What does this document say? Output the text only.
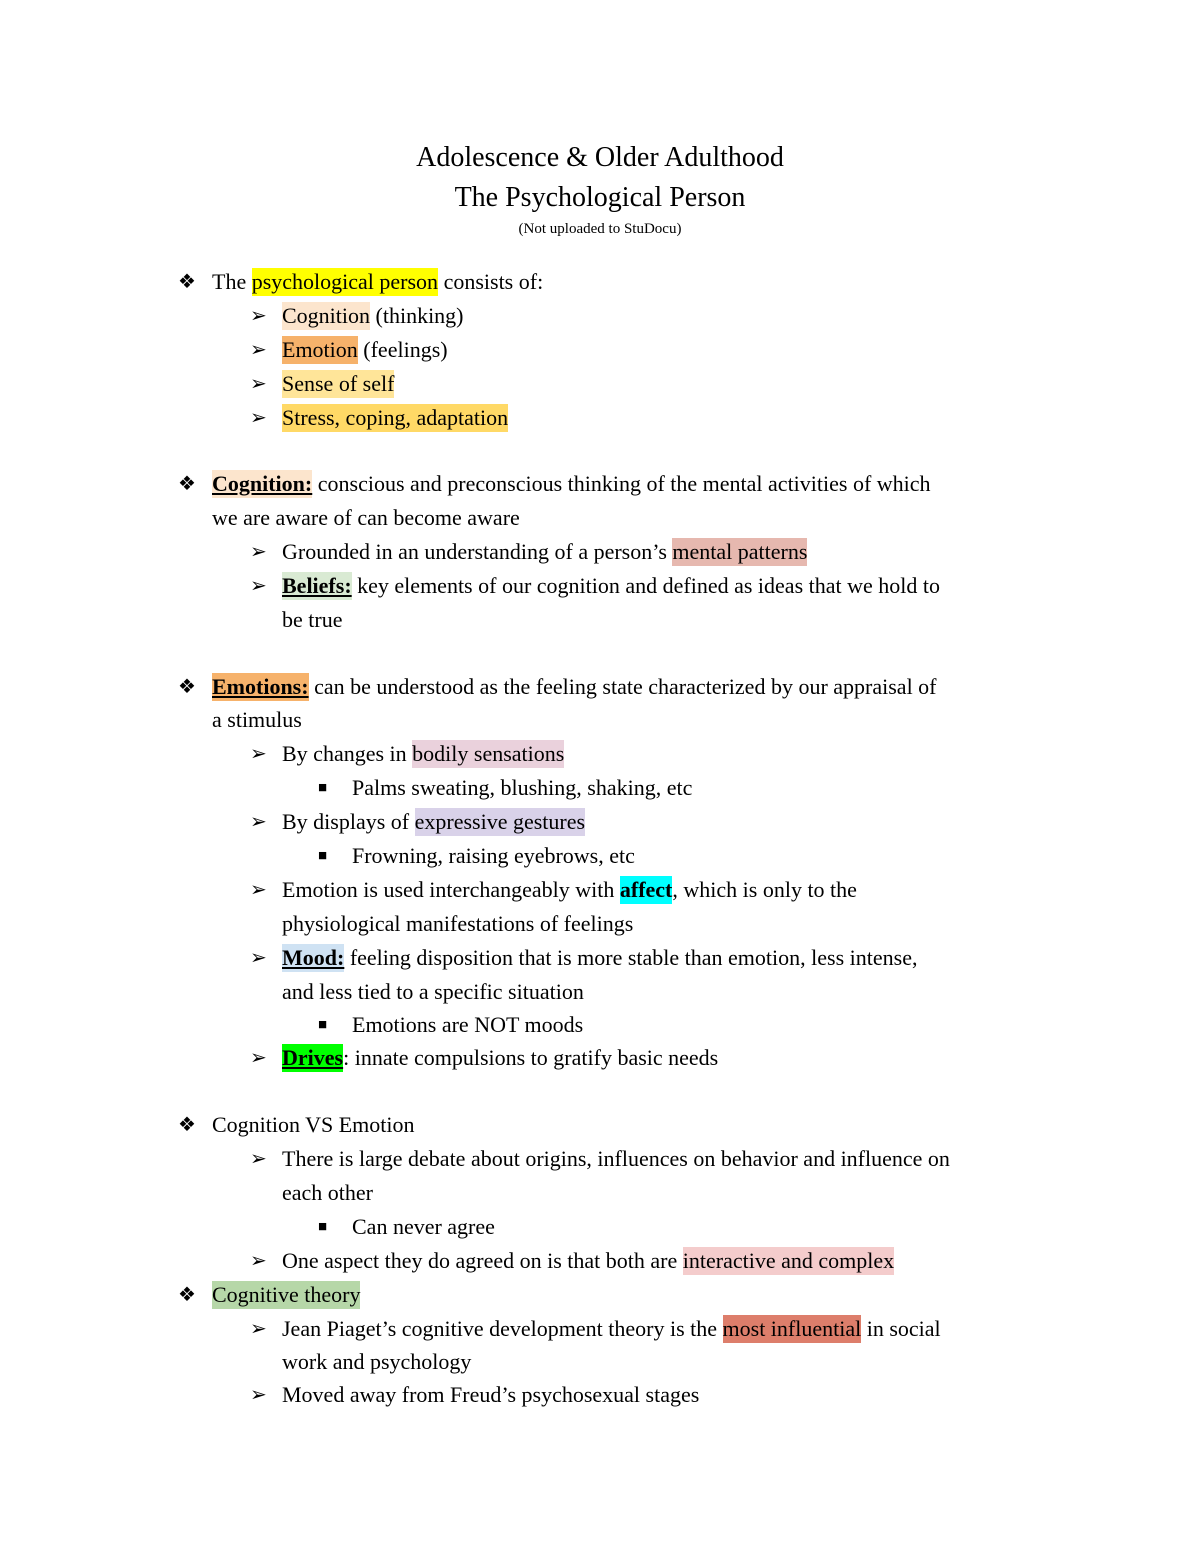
Adolescence & Older Adulthood
The Psychological Person
(Not uploaded to StuDocu)
❖ The psychological person consists of:
➢ Cognition (thinking)
➢ Emotion (feelings)
➢ Sense of self
➢ Stress, coping, adaptation
❖ Cognition: conscious and preconscious thinking of the mental activities of which
we are aware of can become aware
➢ Grounded in an understanding of a person’s mental patterns
➢ Beliefs: key elements of our cognition and defined as ideas that we hold to
be true
❖ Emotions: can be understood as the feeling state characterized by our appraisal of
a stimulus
➢ By changes in bodily sensations
■ Palms sweating, blushing, shaking, etc
➢ By displays of expressive gestures
■ Frowning, raising eyebrows, etc
➢ Emotion is used interchangeably with affect, which is only to the
physiological manifestations of feelings
➢ Mood: feeling disposition that is more stable than emotion, less intense,
and less tied to a specific situation
■ Emotions are NOT moods
➢ Drives: innate compulsions to gratify basic needs
❖ Cognition VS Emotion
➢ There is large debate about origins, influences on behavior and influence on
each other
■ Can never agree
➢ One aspect they do agreed on is that both are interactive and complex
❖ Cognitive theory
➢ Jean Piaget’s cognitive development theory is the most influential in social
work and psychology
➢ Moved away from Freud’s psychosexual stages
